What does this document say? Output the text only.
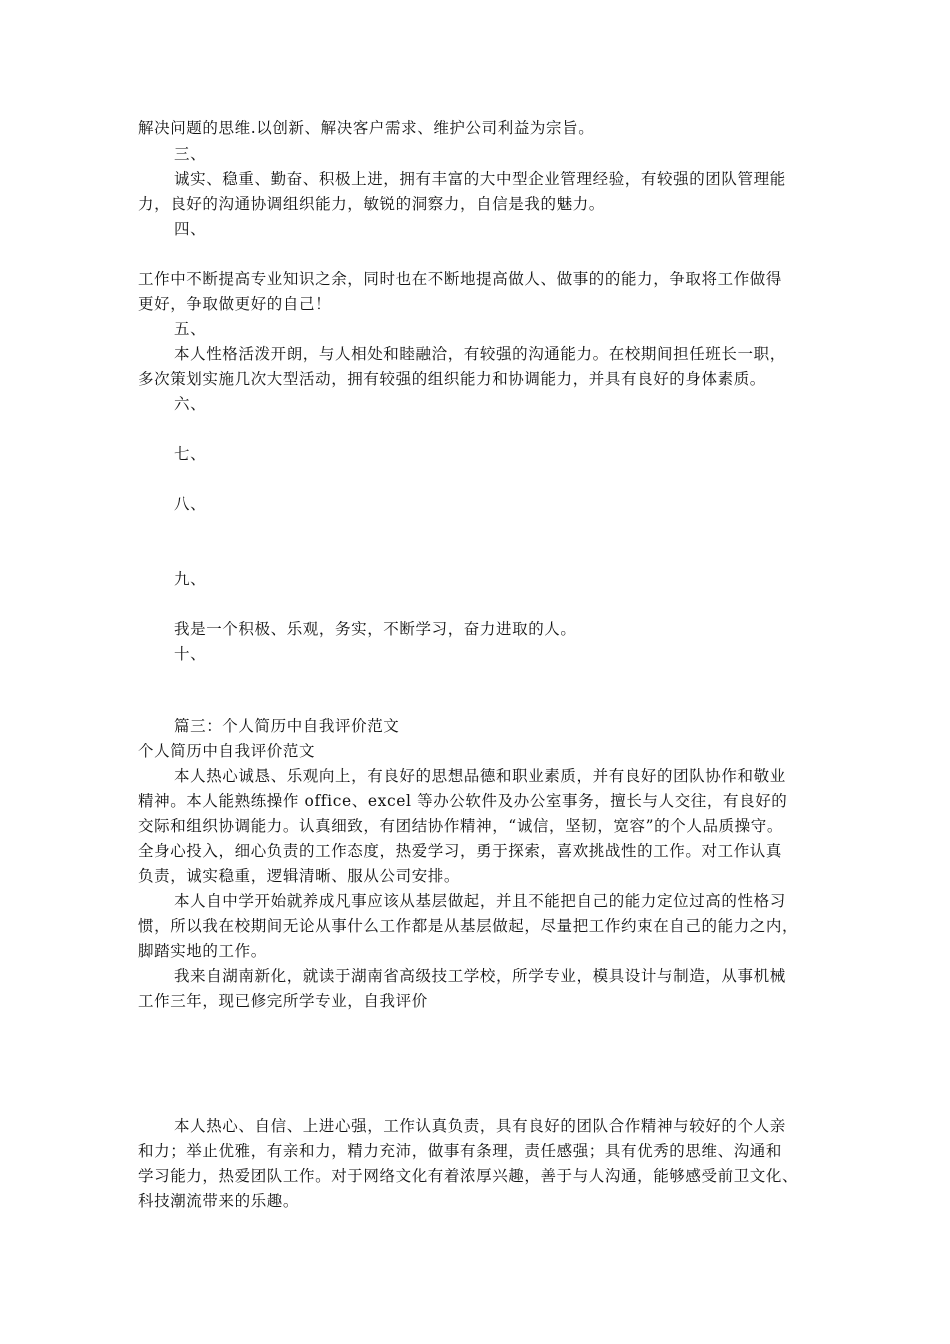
解决问题的思维.以创新、解决客户需求、维护公司利益为宗旨。
三、
诚实、稳重、勤奋、积极上进，拥有丰富的大中型企业管理经验，有较强的团队管理能
力，良好的沟通协调组织能力，敏锐的洞察力，自信是我的魅力。
四、
工作中不断提高专业知识之余，同时也在不断地提高做人、做事的的能力，争取将工作做得
更好，争取做更好的自己！
五、
本人性格活泼开朗，与人相处和睦融洽，有较强的沟通能力。在校期间担任班长一职，
多次策划实施几次大型活动，拥有较强的组织能力和协调能力，并具有良好的身体素质。
六、
七、
八、
九、
我是一个积极、乐观，务实，不断学习，奋力进取的人。
十、
篇三：个人简历中自我评价范文
个人简历中自我评价范文
本人热心诚恳、乐观向上，有良好的思想品德和职业素质，并有良好的团队协作和敬业
精神。本人能熟练操作 office、excel 等办公软件及办公室事务，擅长与人交往，有良好的
交际和组织协调能力。认真细致，有团结协作精神，“诚信，坚韧，宽容”的个人品质操守。
全身心投入，细心负责的工作态度，热爱学习，勇于探索，喜欢挑战性的工作。对工作认真
负责，诚实稳重，逻辑清晰、服从公司安排。
本人自中学开始就养成凡事应该从基层做起，并且不能把自己的能力定位过高的性格习
惯，所以我在校期间无论从事什么工作都是从基层做起，尽量把工作约束在自己的能力之内，
脚踏实地的工作。
我来自湖南新化，就读于湖南省高级技工学校，所学专业，模具设计与制造，从事机械
工作三年，现已修完所学专业，自我评价
本人热心、自信、上进心强，工作认真负责，具有良好的团队合作精神与较好的个人亲
和力；举止优雅，有亲和力，精力充沛，做事有条理，责任感强；具有优秀的思维、沟通和
学习能力，热爱团队工作。对于网络文化有着浓厚兴趣，善于与人沟通，能够感受前卫文化、
科技潮流带来的乐趣。
